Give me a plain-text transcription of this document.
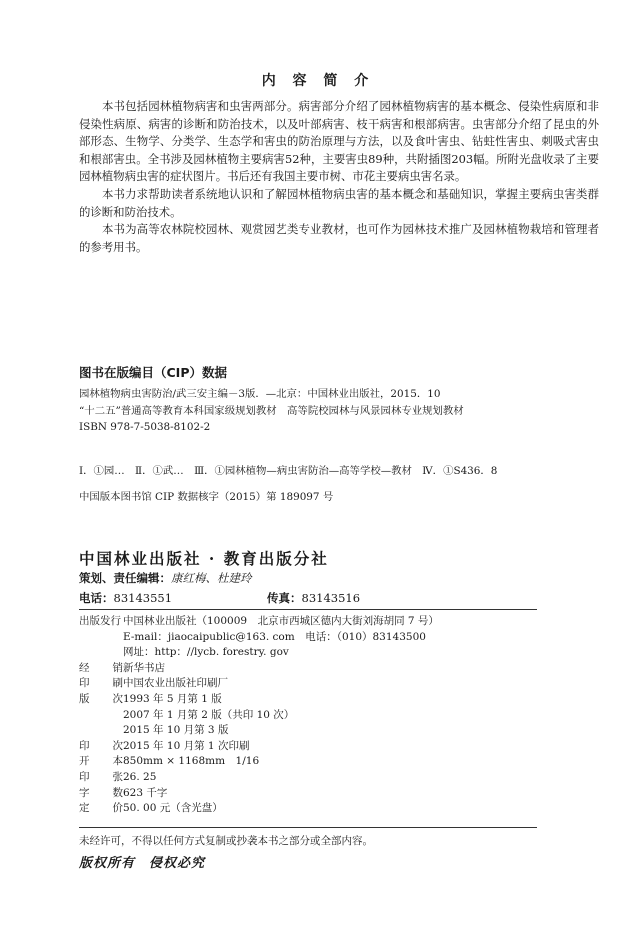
内 容 简 介

本书包括园林植物病害和虫害两部分。病害部分介绍了园林植物病害的基本概念、侵染性病原和非侵染性病原、病害的诊断和防治技术，以及叶部病害、枝干病害和根部病害。虫害部分介绍了昆虫的外部形态、生物学、分类学、生态学和害虫的防治原理与方法，以及食叶害虫、钻蛀性害虫、刺吸式害虫和根部害虫。全书涉及园林植物主要病害52种，主要害虫89种，共附插图203幅。所附光盘收录了主要园林植物病虫害的症状图片。书后还有我国主要市树、市花主要病虫害名录。

本书力求帮助读者系统地认识和了解园林植物病虫害的基本概念和基础知识，掌握主要病虫害类群的诊断和防治技术。

本书为高等农林院校园林、观赏园艺类专业教材，也可作为园林技术推广及园林植物栽培和管理者的参考用书。

图书在版编目（CIP）数据
园林植物病虫害防治/武三安主编－3版．—北京：中国林业出版社，2015．10
“十二五”普通高等教育本科国家级规划教材　高等院校园林与风景园林专业规划教材
ISBN 978-7-5038-8102-2
Ⅰ．①园…　Ⅱ．①武…　Ⅲ．①园林植物—病虫害防治—高等学校—教材　Ⅳ．①S436．8
中国版本图书馆 CIP 数据核字（2015）第 189097 号
中国林业出版社 · 教育出版分社
策划、责任编辑：康红梅、杜建玲
电话：83143551	传真：83143516
出版发行 中国林业出版社（100009　北京市西城区德内大街刘海胡同 7 号）
E-mail：jiaocaipublic@163. com　电话：（010）83143500
网址：http：//lycb. forestry. gov
经 销 新华书店
印 刷 中国农业出版社印刷厂
版 次 1993 年 5 月第 1 版
2007 年 1 月第 2 版（共印 10 次）
2015 年 10 月第 3 版
印 次 2015 年 10 月第 1 次印刷
开 本 850mm × 1168mm　1/16
印 张 26. 25
字 数 623 千字
定 价 50. 00 元（含光盘）
未经许可，不得以任何方式复制或抄袭本书之部分或全部内容。
版权所有　侵权必究
